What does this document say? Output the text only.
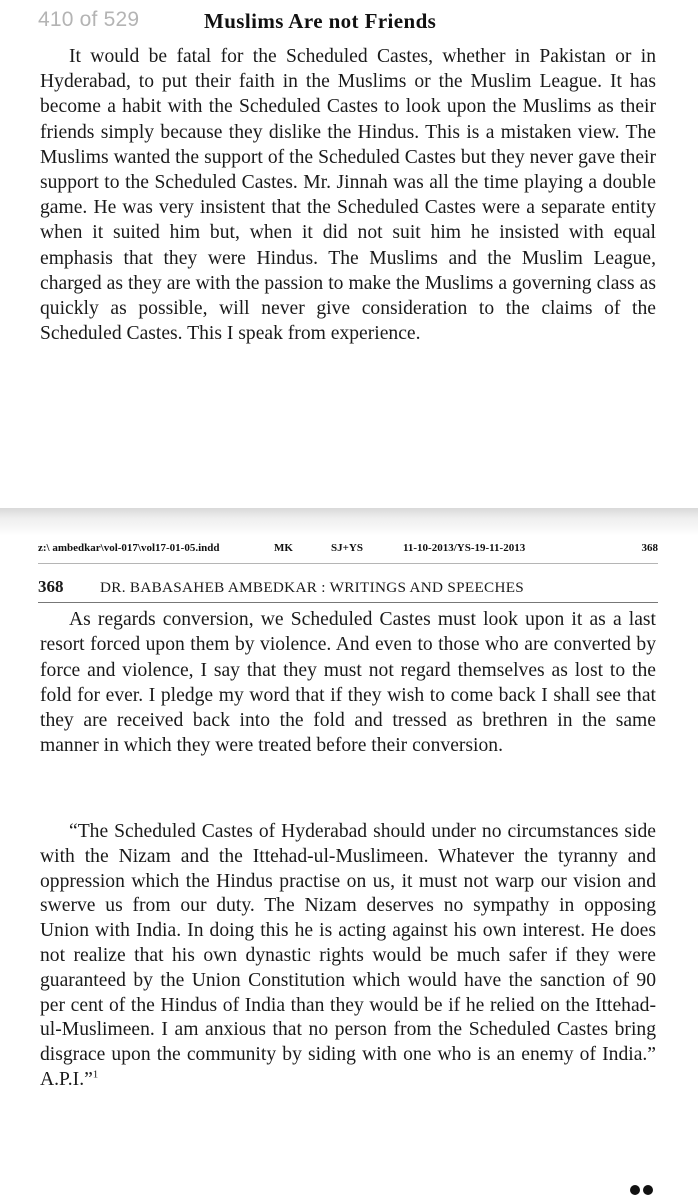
410 of 529	Muslims Are not Friends

It would be fatal for the Scheduled Castes, whether in Pakistan or in Hyderabad, to put their faith in the Muslims or the Muslim League. It has become a habit with the Scheduled Castes to look upon the Muslims as their friends simply because they dislike the Hindus. This is a mistaken view. The Muslims wanted the support of the Scheduled Castes but they never gave their support to the Scheduled Castes. Mr. Jinnah was all the time playing a double game. He was very insistent that the Scheduled Castes were a separate entity when it suited him but, when it did not suit him he insisted with equal emphasis that they were Hindus. The Muslims and the Muslim League, charged as they are with the passion to make the Muslims a governing class as quickly as possible, will never give consideration to the claims of the Scheduled Castes. This I speak from experience.

z:\ ambedkar\vol-017\vol17-01-05.indd	MK	SJ+YS	11-10-2013/YS-19-11-2013	368
368 DR. BABASAHEB AMBEDKAR : WRITINGS AND SPEECHES

As regards conversion, we Scheduled Castes must look upon it as a last resort forced upon them by violence. And even to those who are converted by force and violence, I say that they must not regard themselves as lost to the fold for ever. I pledge my word that if they wish to come back I shall see that they are received back into the fold and tressed as brethren in the same manner in which they were treated before their conversion.

“The Scheduled Castes of Hyderabad should under no circumstances side with the Nizam and the Ittehad-ul-Muslimeen. Whatever the tyranny and oppression which the Hindus practise on us, it must not warp our vision and swerve us from our duty. The Nizam deserves no sympathy in opposing Union with India. In doing this he is acting against his own interest. He does not realize that his own dynastic rights would be much safer if they were guaranteed by the Union Constitution which would have the sanction of 90 per cent of the Hindus of India than they would be if he relied on the Ittehad-ul-Muslimeen. I am anxious that no person from the Scheduled Castes bring disgrace upon the community by siding with one who is an enemy of India.” A.P.I.”$^1$
